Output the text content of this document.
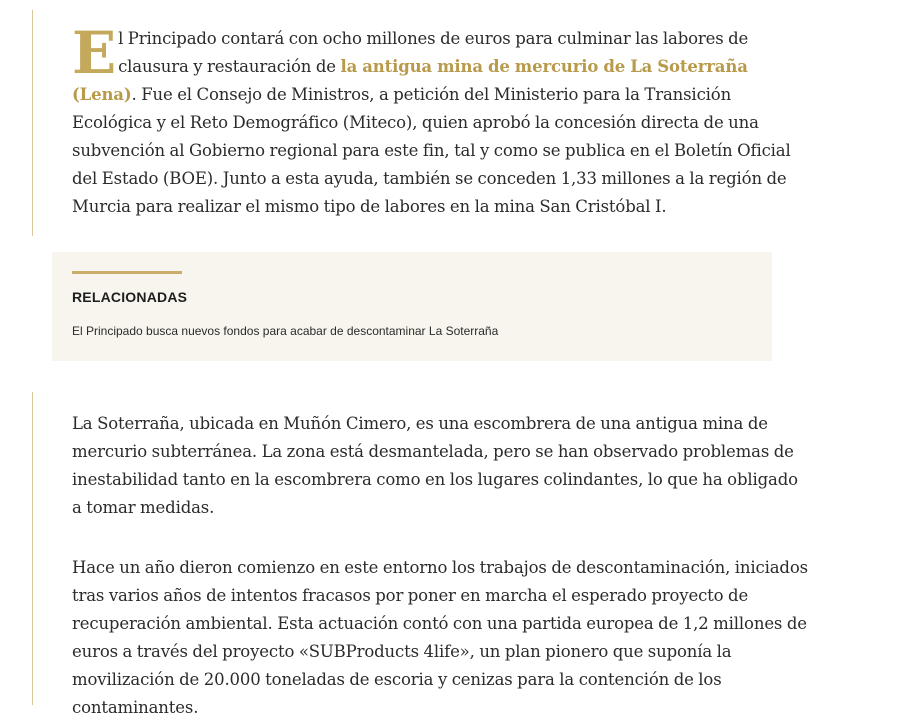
El Principado contará con ocho millones de euros para culminar las labores de clausura y restauración de la antigua mina de mercurio de La Soterraña (Lena). Fue el Consejo de Ministros, a petición del Ministerio para la Transición Ecológica y el Reto Demográfico (Miteco), quien aprobó la concesión directa de una subvención al Gobierno regional para este fin, tal y como se publica en el Boletín Oficial del Estado (BOE). Junto a esta ayuda, también se conceden 1,33 millones a la región de Murcia para realizar el mismo tipo de labores en la mina San Cristóbal I.

RELACIONADAS
El Principado busca nuevos fondos para acabar de descontaminar La Soterraña

La Soterraña, ubicada en Muñón Cimero, es una escombrera de una antigua mina de mercurio subterránea. La zona está desmantelada, pero se han observado problemas de inestabilidad tanto en la escombrera como en los lugares colindantes, lo que ha obligado a tomar medidas.

Hace un año dieron comienzo en este entorno los trabajos de descontaminación, iniciados tras varios años de intentos fracasos por poner en marcha el esperado proyecto de recuperación ambiental. Esta actuación contó con una partida europea de 1,2 millones de euros a través del proyecto «SUBProducts 4life», un plan pionero que suponía la movilización de 20.000 toneladas de escoria y cenizas para la contención de los contaminantes.
